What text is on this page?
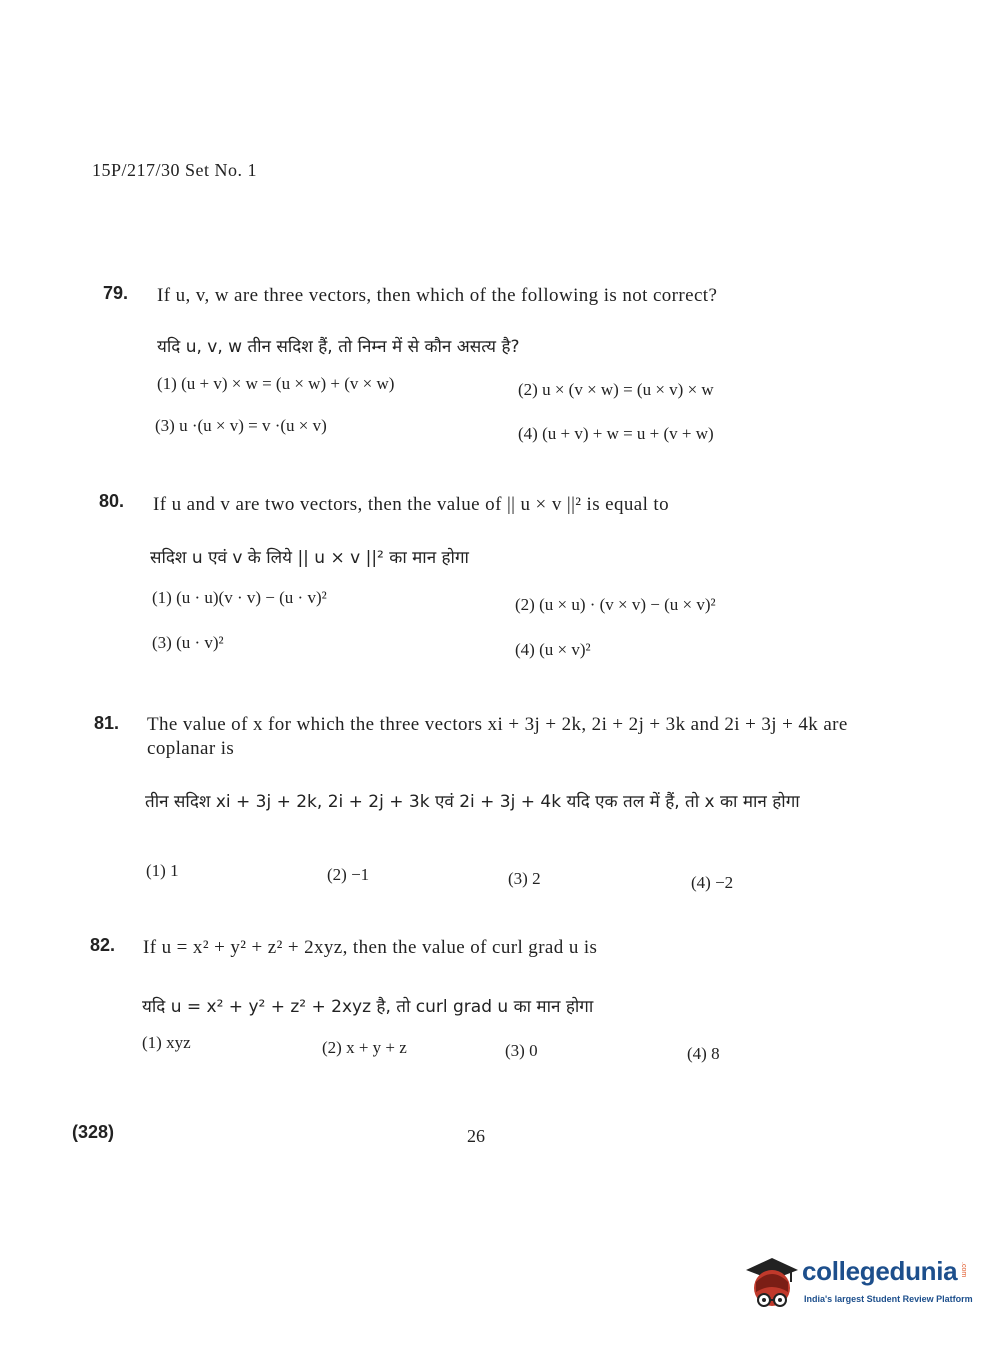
15P/217/30 Set No. 1
79. If u, v, w are three vectors, then which of the following is not correct?
यदि u, v, w तीन सदिश हैं, तो निम्न में से कौन असत्य है?
(1) (u + v) × w = (u × w) + (v × w)	(2) u × (v × w) = (u × v) × w
(3) u ·(u × v) = v ·(u × v)	(4) (u + v) + w = u + (v + w)
80. If u and v are two vectors, then the value of || u × v ||² is equal to
सदिश u एवं v के लिये || u × v ||² का मान होगा
(1) (u · u)(v · v) − (u · v)²	(2) (u × u) · (v × v) − (u × v)²
(3) (u · v)²	(4) (u × v)²
81. The value of x for which the three vectors xi + 3j + 2k, 2i + 2j + 3k and 2i + 3j + 4k are coplanar is
तीन सदिश xi + 3j + 2k, 2i + 2j + 3k एवं 2i + 3j + 4k यदि एक तल में हैं, तो x का मान होगा
(1) 1	(2) −1	(3) 2	(4) −2
82. If u = x² + y² + z² + 2xyz, then the value of curl grad u is
यदि u = x² + y² + z² + 2xyz है, तो curl grad u का मान होगा
(1) xyz	(2) x + y + z	(3) 0	(4) 8
(328)	26
collegedunia .com
India's largest Student Review Platform
